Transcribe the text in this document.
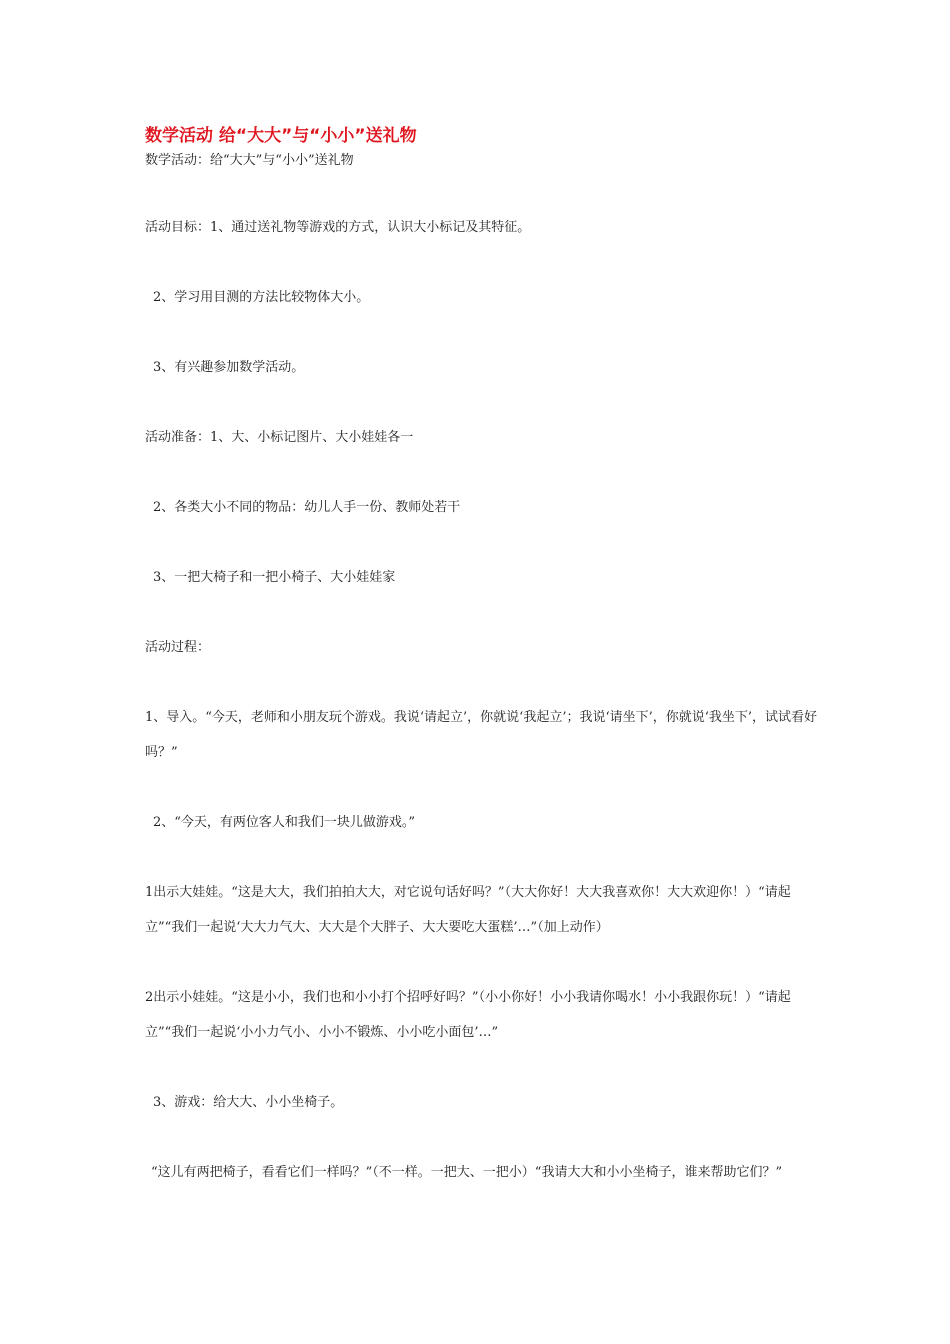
数学活动 给“大大”与“小小”送礼物

数学活动：给“大大”与“小小”送礼物

活动目标：1、通过送礼物等游戏的方式，认识大小标记及其特征。

2、学习用目测的方法比较物体大小。

3、有兴趣参加数学活动。

活动准备：1、大、小标记图片、大小娃娃各一

2、各类大小不同的物品：幼儿人手一份、教师处若干

3、一把大椅子和一把小椅子、大小娃娃家

活动过程：

1、导入。“今天，老师和小朋友玩个游戏。我说‘请起立’，你就说‘我起立’；我说‘请坐下’，你就说‘我坐下’，试试看好吗？”

2、“今天，有两位客人和我们一块儿做游戏。”

1出示大娃娃。“这是大大，我们拍拍大大，对它说句话好吗？”（大大你好！大大我喜欢你！大大欢迎你！）“请起立”“我们一起说‘大大力气大、大大是个大胖子、大大要吃大蛋糕’…”（加上动作）

2出示小娃娃。“这是小小，我们也和小小打个招呼好吗？”（小小你好！小小我请你喝水！小小我跟你玩！）“请起立”“我们一起说‘小小力气小、小小不锻炼、小小吃小面包’…”

3、游戏：给大大、小小坐椅子。

“这儿有两把椅子，看看它们一样吗？”（不一样。一把大、一把小）“我请大大和小小坐椅子，谁来帮助它们？”
